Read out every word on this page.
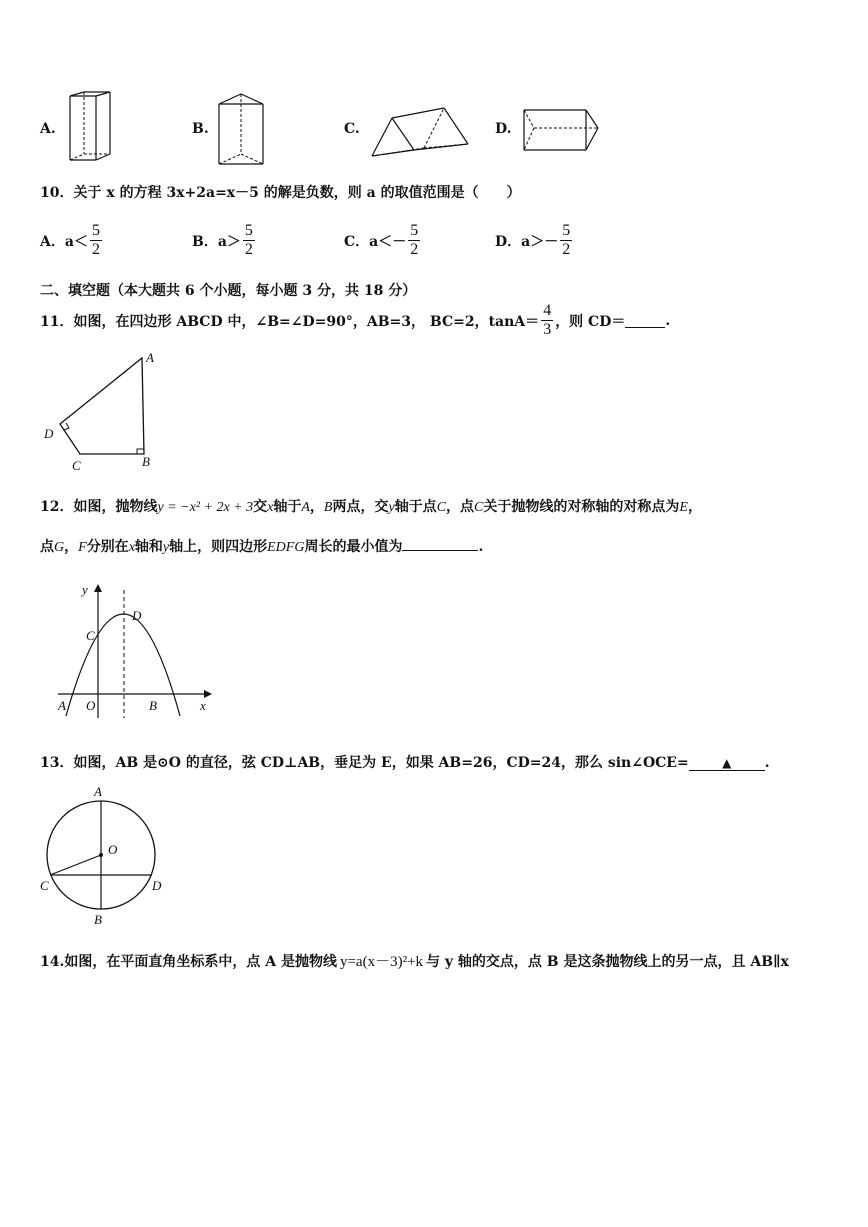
A.	B.	C.	D.
10．关于 x 的方程 3x+2a=x－5 的解是负数，则 a 的取值范围是（　　）
A． $a< \frac{5}{2}$	B． $a> \frac{5}{2}$	C． $a<- \frac{5}{2}$	D． $a>- \frac{5}{2}$
二、填空题（本大题共 6 个小题，每小题 3 分，共 18 分）
11．如图，在四边形 ABCD 中，∠B=∠D=90°，AB=3， BC=2，$\tan A= \frac{4}{3}$ ，则 CD＝	.
A
B
C
D
12．如图，抛物线 y = −x² + 2x + 3 交 x 轴于 A ， B 两点，交 y 轴于点 C ，点 C 关于抛物线的对称轴的对称点为 E ，
点 G ， F 分别在 x 轴和 y 轴上，则四边形 EDFG 周长的最小值为	.
y
x
D
C
A O	B
13．如图，AB 是⊙O 的直径，弦 CD⊥AB，垂足为 E，如果 AB=26，CD=24，那么 sin∠OCE=	▲	.
A
O
C	D
B
14.如图，在平面直角坐标系中，点 A 是抛物线 y=a(x－3)²+k 与 y 轴的交点，点 B 是这条抛物线上的另一点，且 AB∥x
